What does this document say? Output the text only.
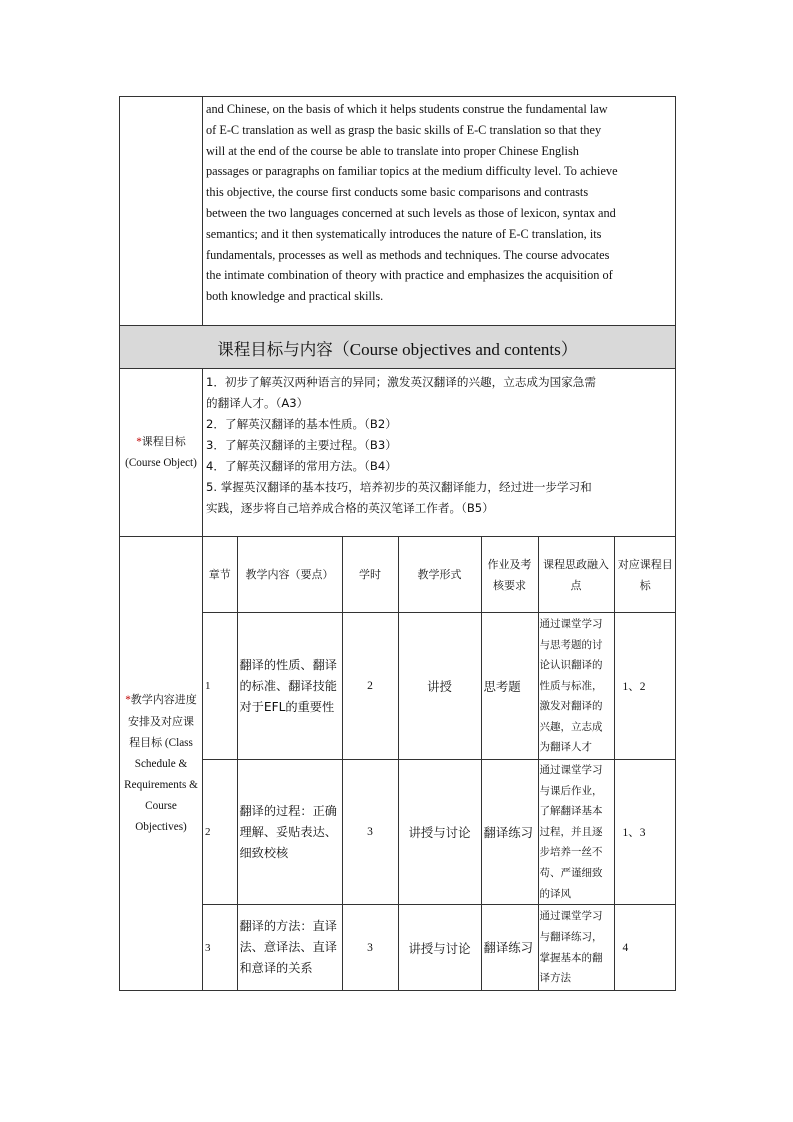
and Chinese, on the basis of which it helps students construe the fundamental law
of E-C translation as well as grasp the basic skills of E-C translation so that they
will at the end of the course be able to translate into proper Chinese English
passages or paragraphs on familiar topics at the medium difficulty level. To achieve
this objective, the course first conducts some basic comparisons and contrasts
between the two languages concerned at such levels as those of lexicon, syntax and
semantics; and it then systematically introduces the nature of E-C translation, its
fundamentals, processes as well as methods and techniques. The course advocates
the intimate combination of theory with practice and emphasizes the acquisition of
both knowledge and practical skills.

课程目标与内容（Course objectives and contents）

*课程目标
(Course Object)

1．初步了解英汉两种语言的异同；激发英汉翻译的兴趣，立志成为国家急需
的翻译人才。（A3）
2．了解英汉翻译的基本性质。（B2）
3．了解英汉翻译的主要过程。（B3）
4．了解英汉翻译的常用方法。（B4）
5. 掌握英汉翻译的基本技巧，培养初步的英汉翻译能力，经过进一步学习和
实践，逐步将自己培养成合格的英汉笔译工作者。（B5）

*教学内容进度
安排及对应课
程目标 (Class
Schedule &
Requirements &
Course
Objectives)

章节	教学内容（要点）	学时	教学形式	作业及考核要求	课程思政融入点	对应课程目标
1	翻译的性质、翻译的标准、翻译技能对于EFL的重要性	2	讲授	思考题	通过课堂学习与思考题的讨论认识翻译的性质与标准，激发对翻译的兴趣，立志成为翻译人才	1、2
2	翻译的过程：正确理解、妥贴表达、细致校核	3	讲授与讨论	翻译练习	通过课堂学习与课后作业，了解翻译基本过程，并且逐步培养一丝不苟、严谨细致的译风	1、3
3	翻译的方法：直译法、意译法、直译和意译的关系	3	讲授与讨论	翻译练习	通过课堂学习与翻译练习，掌握基本的翻译方法	4
